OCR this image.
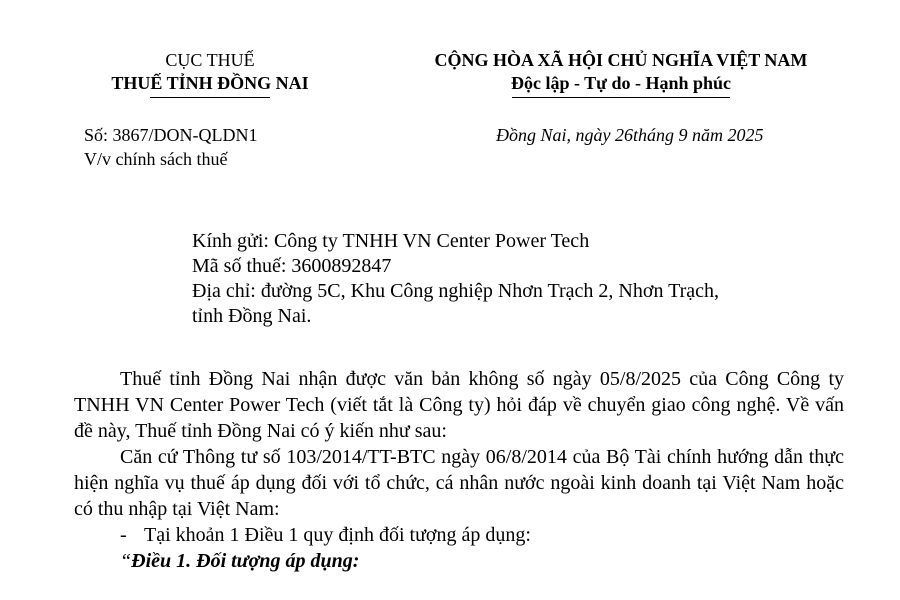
CỤC THUẾ
THUẾ TỈNH ĐỒNG NAI
CỘNG HÒA XÃ HỘI CHỦ NGHĨA VIỆT NAM
Độc lập - Tự do - Hạnh phúc
Số: 3867/DON-QLDN1
V/v chính sách thuế
Đồng Nai, ngày 26tháng 9 năm 2025
Kính gửi: Công ty TNHH VN Center Power Tech
Mã số thuế: 3600892847
Địa chỉ: đường 5C, Khu Công nghiệp Nhơn Trạch 2, Nhơn Trạch,
tỉnh Đồng Nai.

Thuế tỉnh Đồng Nai nhận được văn bản không số ngày 05/8/2025 của Công Công ty TNHH VN Center Power Tech (viết tắt là Công ty) hỏi đáp về chuyển giao công nghệ. Về vấn đề này, Thuế tỉnh Đồng Nai có ý kiến như sau:

Căn cứ Thông tư số 103/2014/TT-BTC ngày 06/8/2014 của Bộ Tài chính hướng dẫn thực hiện nghĩa vụ thuế áp dụng đối với tổ chức, cá nhân nước ngoài kinh doanh tại Việt Nam hoặc có thu nhập tại Việt Nam:

- Tại khoản 1 Điều 1 quy định đối tượng áp dụng:

“Điều 1. Đối tượng áp dụng:
